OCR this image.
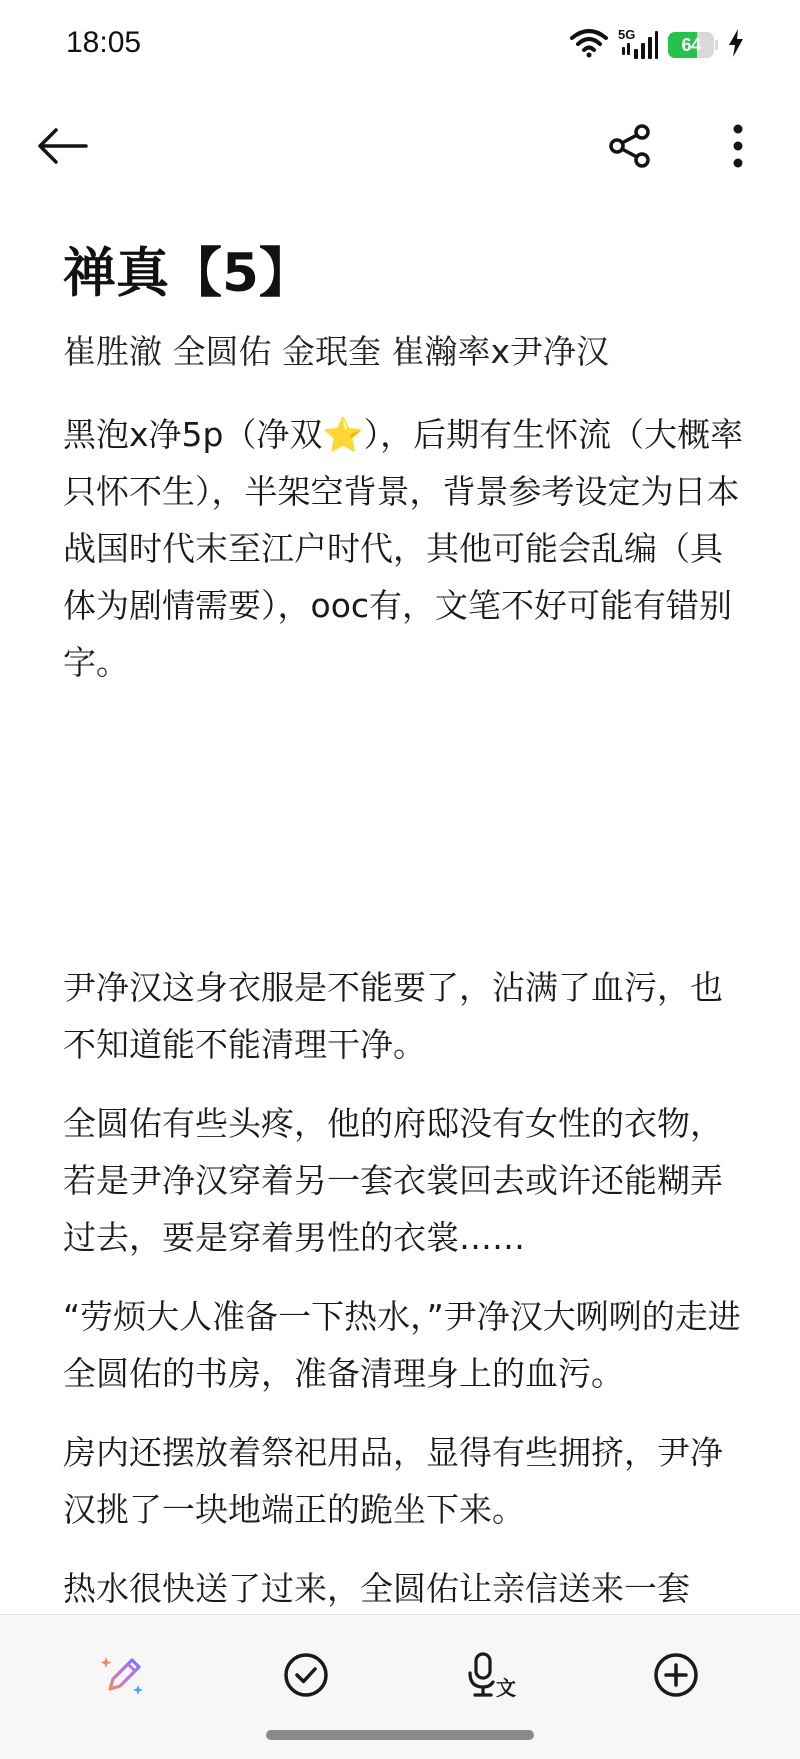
18:05	5G	64
禅真【5】

崔胜澈 全圆佑 金珉奎 崔瀚率x尹净汉

黑泡x净5p（净双⭐），后期有生怀流（大概率只怀不生），半架空背景，背景参考设定为日本战国时代末至江户时代，其他可能会乱编（具体为剧情需要），ooc有，文笔不好可能有错别字。

尹净汉这身衣服是不能要了，沾满了血污，也不知道能不能清理干净。

全圆佑有些头疼，他的府邸没有女性的衣物，若是尹净汉穿着另一套衣裳回去或许还能糊弄过去，要是穿着男性的衣裳……

“劳烦大人准备一下热水，”尹净汉大咧咧的走进全圆佑的书房，准备清理身上的血污。

房内还摆放着祭祀用品，显得有些拥挤，尹净汉挑了一块地端正的跪坐下来。

热水很快送了过来，全圆佑让亲信送来一套

文
